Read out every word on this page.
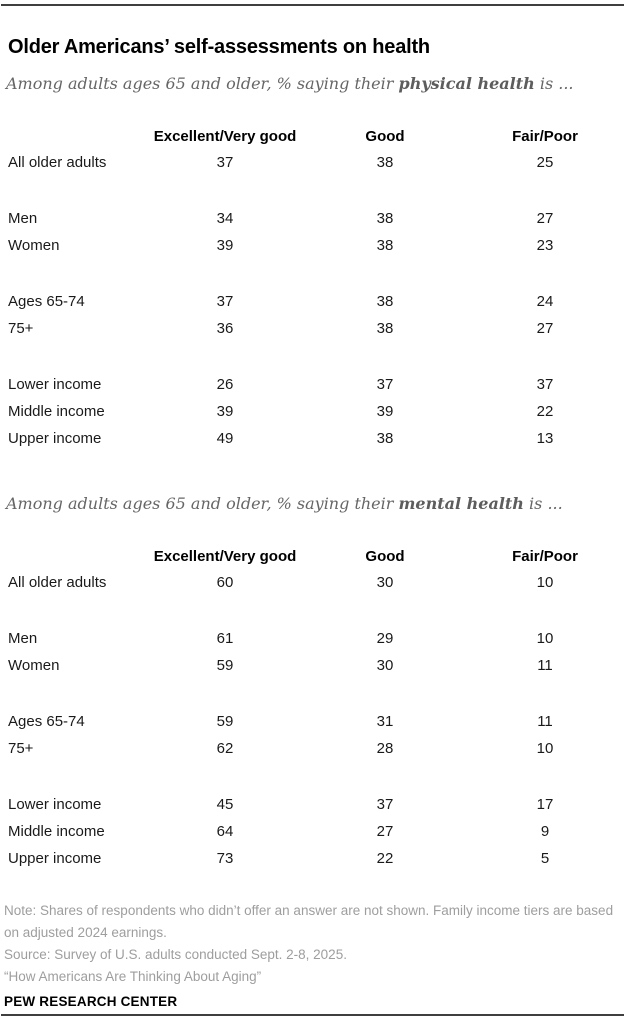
Older Americans’ self-assessments on health

Among adults ages 65 and older, % saying their physical health is ...

Excellent/Very good	Good	Fair/Poor
All older adults	37	38	25
Men	34	38	27
Women	39	38	23
Ages 65-74	37	38	24
75+	36	38	27
Lower income	26	37	37
Middle income	39	39	22
Upper income	49	38	13

Among adults ages 65 and older, % saying their mental health is ...

Excellent/Very good	Good	Fair/Poor
All older adults	60	30	10
Men	61	29	10
Women	59	30	11
Ages 65-74	59	31	11
75+	62	28	10
Lower income	45	37	17
Middle income	64	27	9
Upper income	73	22	5

Note: Shares of respondents who didn’t offer an answer are not shown. Family income tiers are based on adjusted 2024 earnings.

Source: Survey of U.S. adults conducted Sept. 2-8, 2025.

“How Americans Are Thinking About Aging”

PEW RESEARCH CENTER
